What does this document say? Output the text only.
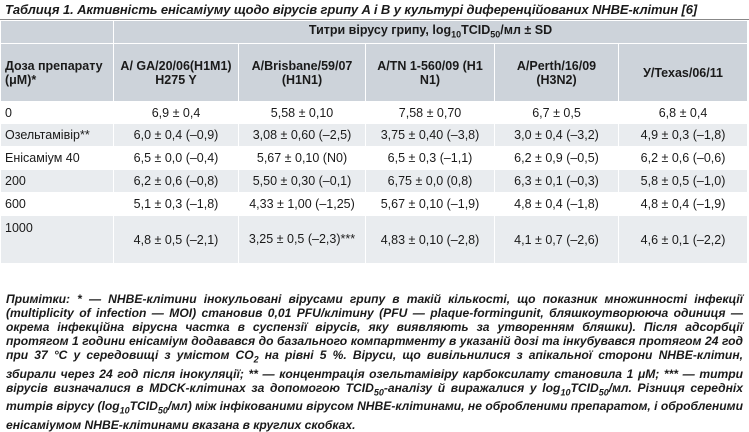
Таблиця 1. Активність енісаміуму щодо вірусів грипу A і B у культурі диференційованих NHBE-клітин [6]
	Титри вірусу грипу, $\log_{10}TCID_{50}/мл$ ± SD				
Доза препарату (μМ)*	A/ GA/20/06(H1M1) H275 Y	A/Brisbane/59/07 (H1N1)	A/TN 1-560/09 (H1 N1)	A/Perth/16/09 (H3N2)	У/Texas/06/11
0	6,9 ± 0,4	5,58 ± 0,10	7,58 ± 0,70	6,7 ± 0,5	6,8 ± 0,4
Озельтамівір**	6,0 ± 0,4 (–0,9)	3,08 ± 0,60 (–2,5)	3,75 ± 0,40 (–3,8)	3,0 ± 0,4 (–3,2)	4,9 ± 0,3 (–1,8)
Енісаміум 40	6,5 ± 0,0 (–0,4)	5,67 ± 0,10 (N0)	6,5 ± 0,3 (–1,1)	6,2 ± 0,9 (–0,5)	6,2 ± 0,6 (–0,6)
200	6,2 ± 0,6 (–0,8)	5,50 ± 0,30 (–0,1)	6,75 ± 0,0 (0,8)	6,3 ± 0,1 (–0,3)	5,8 ± 0,5 (–1,0)
600	5,1 ± 0,3 (–1,8)	4,33 ± 1,00 (–1,25)	5,67 ± 0,10 (–1,9)	4,8 ± 0,4 (–1,8)	4,8 ± 0,4 (–1,9)
1000	4,8 ± 0,5 (–2,1)	3,25 ± 0,5 (–2,3)***	4,83 ± 0,10 (–2,8)	4,1 ± 0,7 (–2,6)	4,6 ± 0,1 (–2,2)
Примітки: * — NHBE-клітини інокульовані вірусами грипу в такій кількості, що показник множинності інфекції (multiplicity of infection — MOI) становив 0,01 PFU/клітину (PFU — plaque-formingunit, бляшкоутворююча одиниця — окрема інфекційна вірусна частка в суспензії вірусів, яку виявляють за утворенням бляшки). Після адсорбції протягом 1 години енісаміум додавався до базального компартменту в указаній дозі та інкубувався протягом 24 год при 37 °С у середовищі з умістом $CO_2$ на рівні 5 %. Віруси, що вивільнилися з апікальної сторони NHBE-клітин, збирали через 24 год після інокуляції; ** — концентрація озельтамівіру карбоксилату становила 1 μМ; *** — титри вірусів визначалися в MDCK-клітинах за допомогою $TCID_{50}$-аналізу й виражалися у $\log_{10}TCID_{50}/мл$. Різниця середніх титрів вірусу $(\log_{10}TCID_{50}/мл)$ між інфікованими вірусом NHBE-клітинами, не обробленими препаратом, і обробленими енісаміумом NHBE-клітинами вказана в круглих скобках.
